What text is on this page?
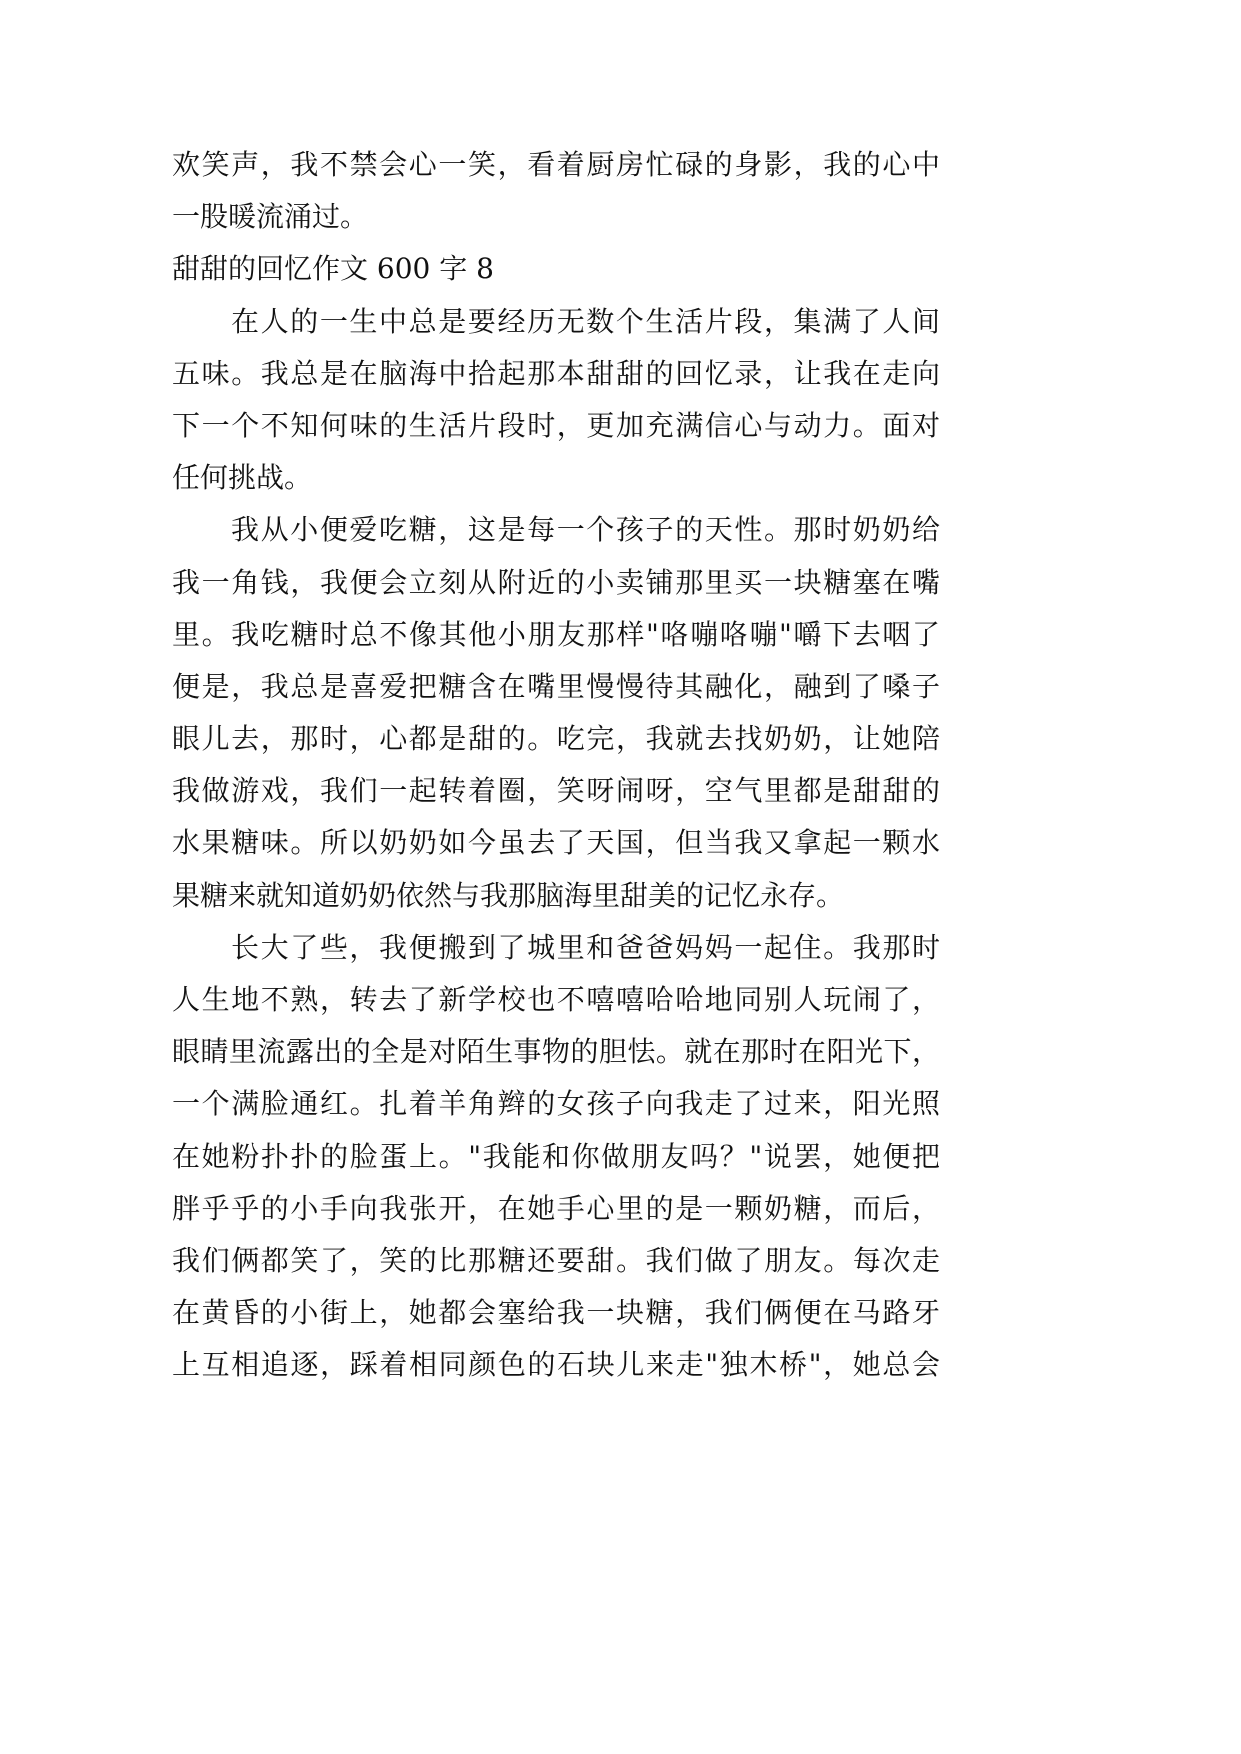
欢笑声，我不禁会心一笑，看着厨房忙碌的身影，我的心中
一股暖流涌过。
甜甜的回忆作文 600 字 8
在人的一生中总是要经历无数个生活片段，集满了人间
五味。我总是在脑海中拾起那本甜甜的回忆录，让我在走向
下一个不知何味的生活片段时，更加充满信心与动力。面对
任何挑战。
我从小便爱吃糖，这是每一个孩子的天性。那时奶奶给
我一角钱，我便会立刻从附近的小卖铺那里买一块糖塞在嘴
里。我吃糖时总不像其他小朋友那样"咯嘣咯嘣"嚼下去咽了
便是，我总是喜爱把糖含在嘴里慢慢待其融化，融到了嗓子
眼儿去，那时，心都是甜的。吃完，我就去找奶奶，让她陪
我做游戏，我们一起转着圈，笑呀闹呀，空气里都是甜甜的
水果糖味。所以奶奶如今虽去了天国，但当我又拿起一颗水
果糖来就知道奶奶依然与我那脑海里甜美的记忆永存。
长大了些，我便搬到了城里和爸爸妈妈一起住。我那时
人生地不熟，转去了新学校也不嘻嘻哈哈地同别人玩闹了，
眼睛里流露出的全是对陌生事物的胆怯。就在那时在阳光下，
一个满脸通红。扎着羊角辫的女孩子向我走了过来，阳光照
在她粉扑扑的脸蛋上。"我能和你做朋友吗？"说罢，她便把
胖乎乎的小手向我张开，在她手心里的是一颗奶糖，而后，
我们俩都笑了，笑的比那糖还要甜。我们做了朋友。每次走
在黄昏的小街上，她都会塞给我一块糖，我们俩便在马路牙
上互相追逐，踩着相同颜色的石块儿来走"独木桥"，她总会
